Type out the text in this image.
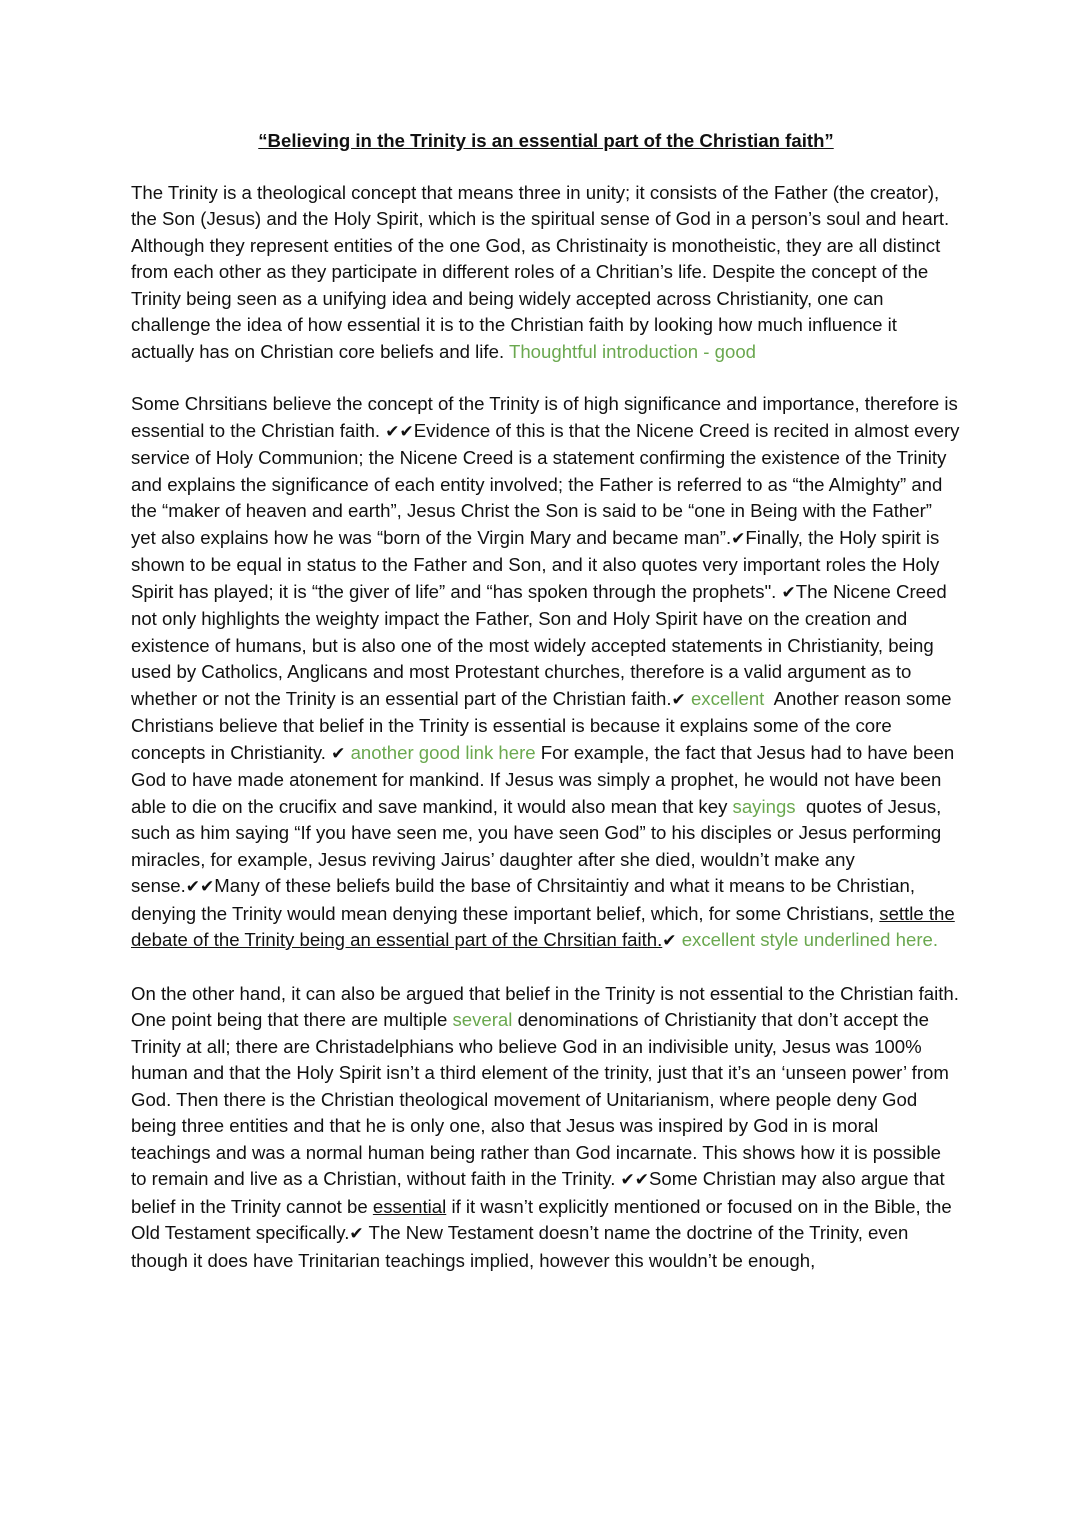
“Believing in the Trinity is an essential part of the Christian faith”

The Trinity is a theological concept that means three in unity; it consists of the Father (the creator), the Son (Jesus) and the Holy Spirit, which is the spiritual sense of God in a person’s soul and heart. Although they represent entities of the one God, as Christinaity is monotheistic, they are all distinct from each other as they participate in different roles of a Chritian’s life. Despite the concept of the Trinity being seen as a unifying idea and being widely accepted across Christianity, one can challenge the idea of how essential it is to the Christian faith by looking how much influence it actually has on Christian core beliefs and life. Thoughtful introduction - good

Some Chrsitians believe the concept of the Trinity is of high significance and importance, therefore is essential to the Christian faith. ✔✔Evidence of this is that the Nicene Creed is recited in almost every service of Holy Communion; the Nicene Creed is a statement confirming the existence of the Trinity and explains the significance of each entity involved; the Father is referred to as “the Almighty” and the “maker of heaven and earth”, Jesus Christ the Son is said to be “one in Being with the Father” yet also explains how he was “born of the Virgin Mary and became man”.✔Finally, the Holy spirit is shown to be equal in status to the Father and Son, and it also quotes very important roles the Holy Spirit has played; it is “the giver of life” and “has spoken through the prophets". ✔The Nicene Creed not only highlights the weighty impact the Father, Son and Holy Spirit have on the creation and existence of humans, but is also one of the most widely accepted statements in Christianity, being used by Catholics, Anglicans and most Protestant churches, therefore is a valid argument as to whether or not the Trinity is an essential part of the Christian faith.✔ excellent Another reason some Christians believe that belief in the Trinity is essential is because it explains some of the core concepts in Christianity. ✔ another good link here For example, the fact that Jesus had to have been God to have made atonement for mankind. If Jesus was simply a prophet, he would not have been able to die on the crucifix and save mankind, it would also mean that key sayings quotes of Jesus, such as him saying “If you have seen me, you have seen God” to his disciples or Jesus performing miracles, for example, Jesus reviving Jairus’ daughter after she died, wouldn’t make any sense.✔✔Many of these beliefs build the base of Chrsitaintiy and what it means to be Christian, denying the Trinity would mean denying these important belief, which, for some Christians, settle the debate of the Trinity being an essential part of the Chrsitian faith.✔ excellent style underlined here.

On the other hand, it can also be argued that belief in the Trinity is not essential to the Christian faith. One point being that there are multiple several denominations of Christianity that don’t accept the Trinity at all; there are Christadelphians who believe God in an indivisible unity, Jesus was 100% human and that the Holy Spirit isn’t a third element of the trinity, just that it’s an ‘unseen power’ from God. Then there is the Christian theological movement of Unitarianism, where people deny God being three entities and that he is only one, also that Jesus was inspired by God in is moral teachings and was a normal human being rather than God incarnate. This shows how it is possible to remain and live as a Christian, without faith in the Trinity. ✔✔Some Christian may also argue that belief in the Trinity cannot be essential if it wasn’t explicitly mentioned or focused on in the Bible, the Old Testament specifically.✔ The New Testament doesn’t name the doctrine of the Trinity, even though it does have Trinitarian teachings implied, however this wouldn’t be enough,
